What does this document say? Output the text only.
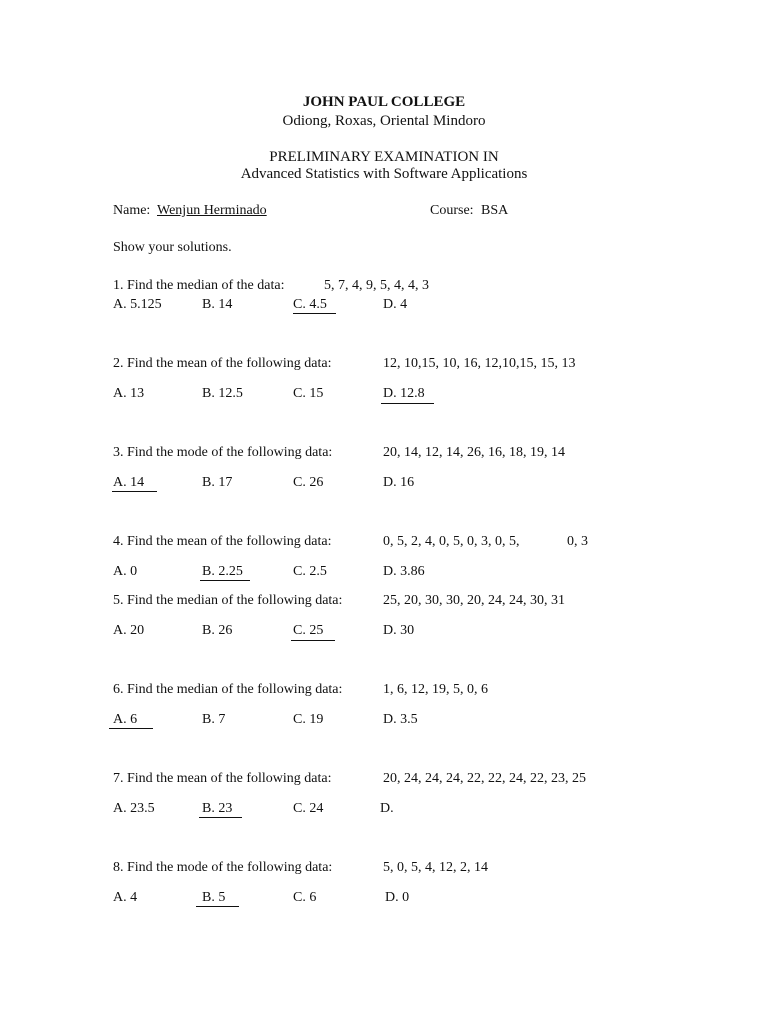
JOHN PAUL COLLEGE
Odiong, Roxas, Oriental Mindoro
PRELIMINARY EXAMINATION IN
Advanced Statistics with Software Applications
Name: Wenjun Herminado	Course: BSA
Show your solutions.
1. Find the median of the data:	5, 7, 4, 9, 5, 4, 4, 3
A. 5.125	B. 14	C. 4.5	D. 4
2. Find the mean of the following data:	12, 10,15, 10, 16, 12,10,15, 15, 13
A. 13	B. 12.5	C. 15	D. 12.8
3. Find the mode of the following data:	20, 14, 12, 14, 26, 16, 18, 19, 14
A. 14	B. 17	C. 26	D. 16
4. Find the mean of the following data:	0, 5, 2, 4, 0, 5, 0, 3, 0, 5,	0, 3
A. 0	B. 2.25	C. 2.5	D. 3.86
5. Find the median of the following data:	25, 20, 30, 30, 20, 24, 24, 30, 31
A. 20	B. 26	C. 25	D. 30
6. Find the median of the following data:	1, 6, 12, 19, 5, 0, 6
A. 6	B. 7	C. 19	D. 3.5
7. Find the mean of the following data:	20, 24, 24, 24, 22, 22, 24, 22, 23, 25
A. 23.5	B. 23	C. 24	D.
8. Find the mode of the following data:	5, 0, 5, 4, 12, 2, 14
A. 4	B. 5	C. 6	D. 0
